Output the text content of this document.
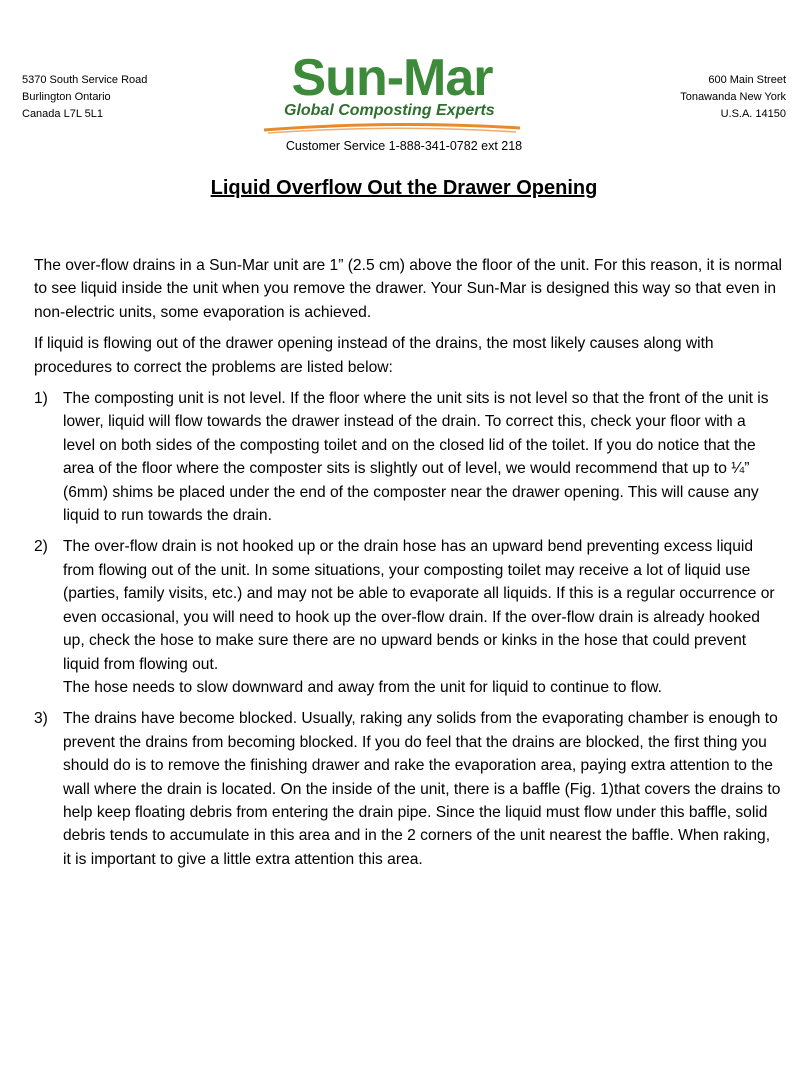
5370 South Service Road
Burlington Ontario
Canada L7L 5L1
Sun-Mar
Global Composting Experts
600 Main Street
Tonawanda New York
U.S.A. 14150
Customer Service 1-888-341-0782 ext 218
Liquid Overflow Out the Drawer Opening

The over-flow drains in a Sun-Mar unit are 1” (2.5 cm) above the floor of the unit. For this reason, it is normal to see liquid inside the unit when you remove the drawer. Your Sun-Mar is designed this way so that even in non-electric units, some evaporation is achieved.

If liquid is flowing out of the drawer opening instead of the drains, the most likely causes along with procedures to correct the problems are listed below:

1) The composting unit is not level. If the floor where the unit sits is not level so that the front of the unit is lower, liquid will flow towards the drawer instead of the drain. To correct this, check your floor with a level on both sides of the composting toilet and on the closed lid of the toilet. If you do notice that the area of the floor where the composter sits is slightly out of level, we would recommend that up to ¼” (6mm) shims be placed under the end of the composter near the drawer opening. This will cause any liquid to run towards the drain.
2) The over-flow drain is not hooked up or the drain hose has an upward bend preventing excess liquid from flowing out of the unit. In some situations, your composting toilet may receive a lot of liquid use (parties, family visits, etc.) and may not be able to evaporate all liquids. If this is a regular occurrence or even occasional, you will need to hook up the over-flow drain. If the over-flow drain is already hooked up, check the hose to make sure there are no upward bends or kinks in the hose that could prevent liquid from flowing out.
The hose needs to slow downward and away from the unit for liquid to continue to flow.
3) The drains have become blocked. Usually, raking any solids from the evaporating chamber is enough to prevent the drains from becoming blocked. If you do feel that the drains are blocked, the first thing you should do is to remove the finishing drawer and rake the evaporation area, paying extra attention to the wall where the drain is located. On the inside of the unit, there is a baffle (Fig. 1)that covers the drains to help keep floating debris from entering the drain pipe. Since the liquid must flow under this baffle, solid debris tends to accumulate in this area and in the 2 corners of the unit nearest the baffle. When raking, it is important to give a little extra attention this area.
